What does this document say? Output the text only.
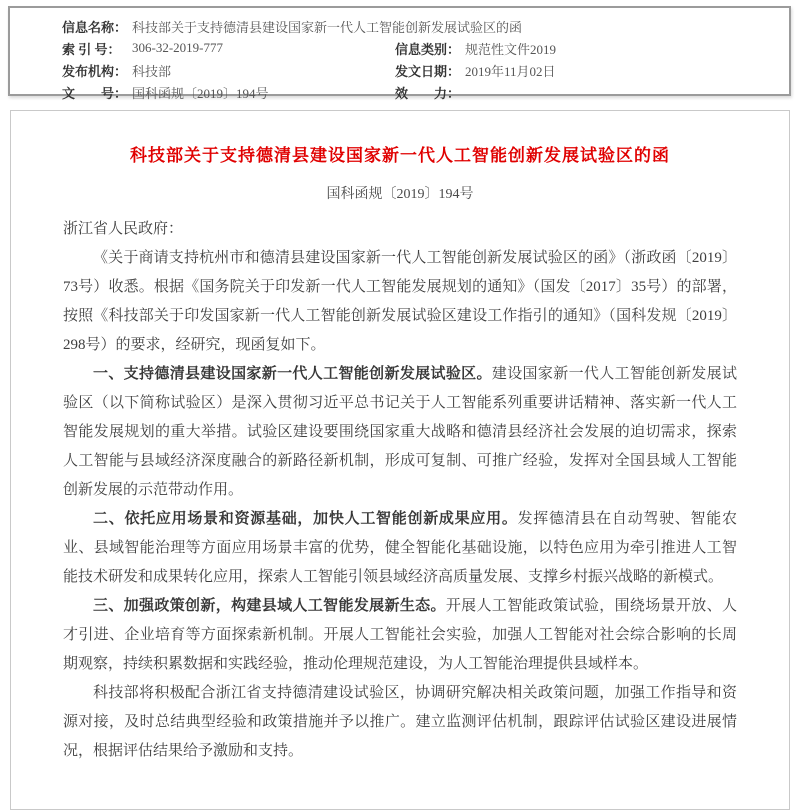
信息名称： 科技部关于支持德清县建设国家新一代人工智能创新发展试验区的函
索 引 号： 306-32-2019-777	信息类别： 规范性文件2019
发布机构： 科技部	发文日期： 2019年11月02日
文　　号： 国科函规〔2019〕194号	效　　力：
科技部关于支持德清县建设国家新一代人工智能创新发展试验区的函
国科函规〔2019〕194号

浙江省人民政府：

《关于商请支持杭州市和德清县建设国家新一代人工智能创新发展试验区的函》（浙政函〔2019〕73号）收悉。根据《国务院关于印发新一代人工智能发展规划的通知》（国发〔2017〕35号）的部署，按照《科技部关于印发国家新一代人工智能创新发展试验区建设工作指引的通知》（国科发规〔2019〕298号）的要求，经研究，现函复如下。

一、支持德清县建设国家新一代人工智能创新发展试验区。建设国家新一代人工智能创新发展试验区（以下简称试验区）是深入贯彻习近平总书记关于人工智能系列重要讲话精神、落实新一代人工智能发展规划的重大举措。试验区建设要围绕国家重大战略和德清县经济社会发展的迫切需求，探索人工智能与县域经济深度融合的新路径新机制，形成可复制、可推广经验，发挥对全国县域人工智能创新发展的示范带动作用。

二、依托应用场景和资源基础，加快人工智能创新成果应用。发挥德清县在自动驾驶、智能农业、县域智能治理等方面应用场景丰富的优势，健全智能化基础设施，以特色应用为牵引推进人工智能技术研发和成果转化应用，探索人工智能引领县域经济高质量发展、支撑乡村振兴战略的新模式。

三、加强政策创新，构建县域人工智能发展新生态。开展人工智能政策试验，围绕场景开放、人才引进、企业培育等方面探索新机制。开展人工智能社会实验，加强人工智能对社会综合影响的长周期观察，持续积累数据和实践经验，推动伦理规范建设，为人工智能治理提供县域样本。

科技部将积极配合浙江省支持德清建设试验区，协调研究解决相关政策问题，加强工作指导和资源对接，及时总结典型经验和政策措施并予以推广。建立监测评估机制，跟踪评估试验区建设进展情况，根据评估结果给予激励和支持。
